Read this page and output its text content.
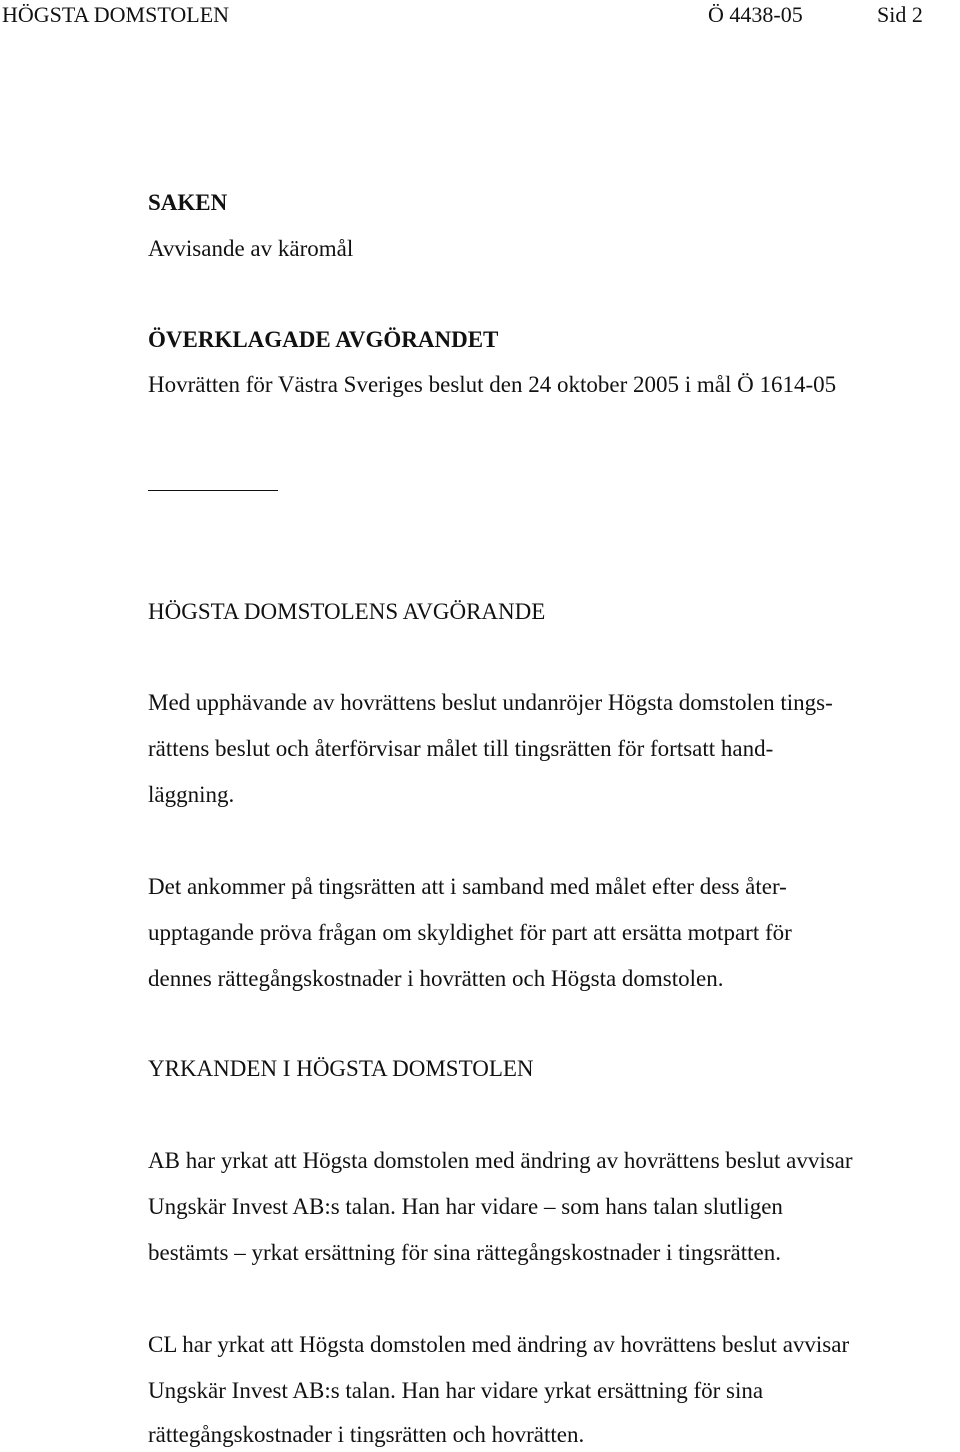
HÖGSTA DOMSTOLEN	Ö 4438-05	Sid 2
SAKEN
Avvisande av käromål
ÖVERKLAGADE AVGÖRANDET
Hovrätten för Västra Sveriges beslut den 24 oktober 2005 i mål Ö 1614-05
HÖGSTA DOMSTOLENS AVGÖRANDE
Med upphävande av hovrättens beslut undanröjer Högsta domstolen tings-
rättens beslut och återförvisar målet till tingsrätten för fortsatt hand-
läggning.
Det ankommer på tingsrätten att i samband med målet efter dess åter-
upptagande pröva frågan om skyldighet för part att ersätta motpart för
dennes rättegångskostnader i hovrätten och Högsta domstolen.
YRKANDEN I HÖGSTA DOMSTOLEN
AB har yrkat att Högsta domstolen med ändring av hovrättens beslut avvisar
Ungskär Invest AB:s talan. Han har vidare – som hans talan slutligen
bestämts – yrkat ersättning för sina rättegångskostnader i tingsrätten.
CL har yrkat att Högsta domstolen med ändring av hovrättens beslut avvisar
Ungskär Invest AB:s talan. Han har vidare yrkat ersättning för sina
rättegångskostnader i tingsrätten och hovrätten.
